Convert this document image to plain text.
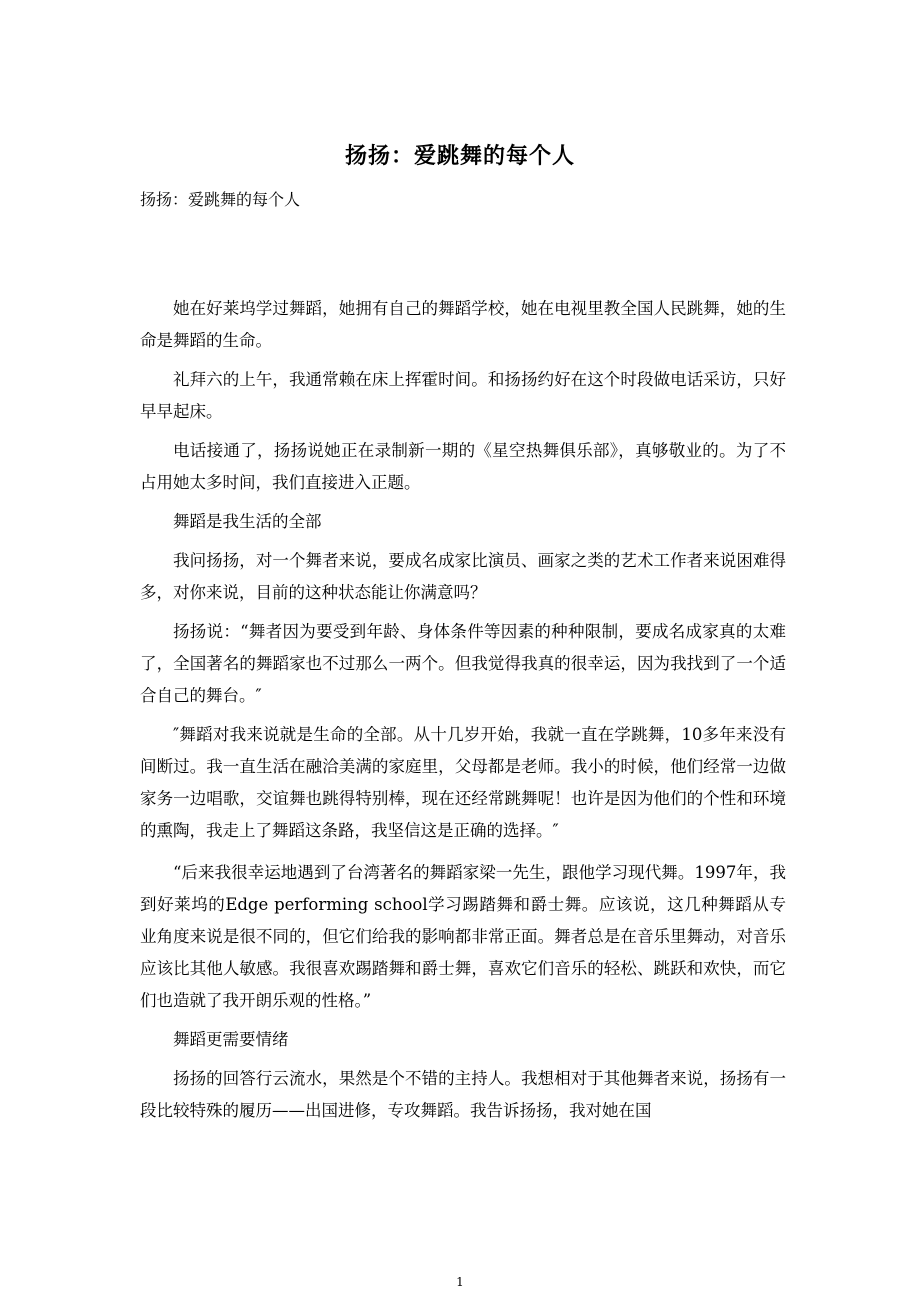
扬扬：爱跳舞的每个人
扬扬：爱跳舞的每个人

她在好莱坞学过舞蹈，她拥有自己的舞蹈学校，她在电视里教全国人民跳舞，她的生命是舞蹈的生命。

礼拜六的上午，我通常赖在床上挥霍时间。和扬扬约好在这个时段做电话采访，只好早早起床。

电话接通了，扬扬说她正在录制新一期的《星空热舞俱乐部》，真够敬业的。为了不占用她太多时间，我们直接进入正题。

舞蹈是我生活的全部

我问扬扬，对一个舞者来说，要成名成家比演员、画家之类的艺术工作者来说困难得多，对你来说，目前的这种状态能让你满意吗？

扬扬说：“舞者因为要受到年龄、身体条件等因素的种种限制，要成名成家真的太难了，全国著名的舞蹈家也不过那么一两个。但我觉得我真的很幸运，因为我找到了一个适合自己的舞台。″

″舞蹈对我来说就是生命的全部。从十几岁开始，我就一直在学跳舞，10多年来没有间断过。我一直生活在融洽美满的家庭里，父母都是老师。我小的时候，他们经常一边做家务一边唱歌，交谊舞也跳得特别棒，现在还经常跳舞呢！也许是因为他们的个性和环境的熏陶，我走上了舞蹈这条路，我坚信这是正确的选择。″

“后来我很幸运地遇到了台湾著名的舞蹈家梁一先生，跟他学习现代舞。1997年，我到好莱坞的Edge performing school学习踢踏舞和爵士舞。应该说，这几种舞蹈从专业角度来说是很不同的，但它们给我的影响都非常正面。舞者总是在音乐里舞动，对音乐应该比其他人敏感。我很喜欢踢踏舞和爵士舞，喜欢它们音乐的轻松、跳跃和欢快，而它们也造就了我开朗乐观的性格。”

舞蹈更需要情绪

扬扬的回答行云流水，果然是个不错的主持人。我想相对于其他舞者来说，扬扬有一段比较特殊的履历——出国进修，专攻舞蹈。我告诉扬扬，我对她在国

1
